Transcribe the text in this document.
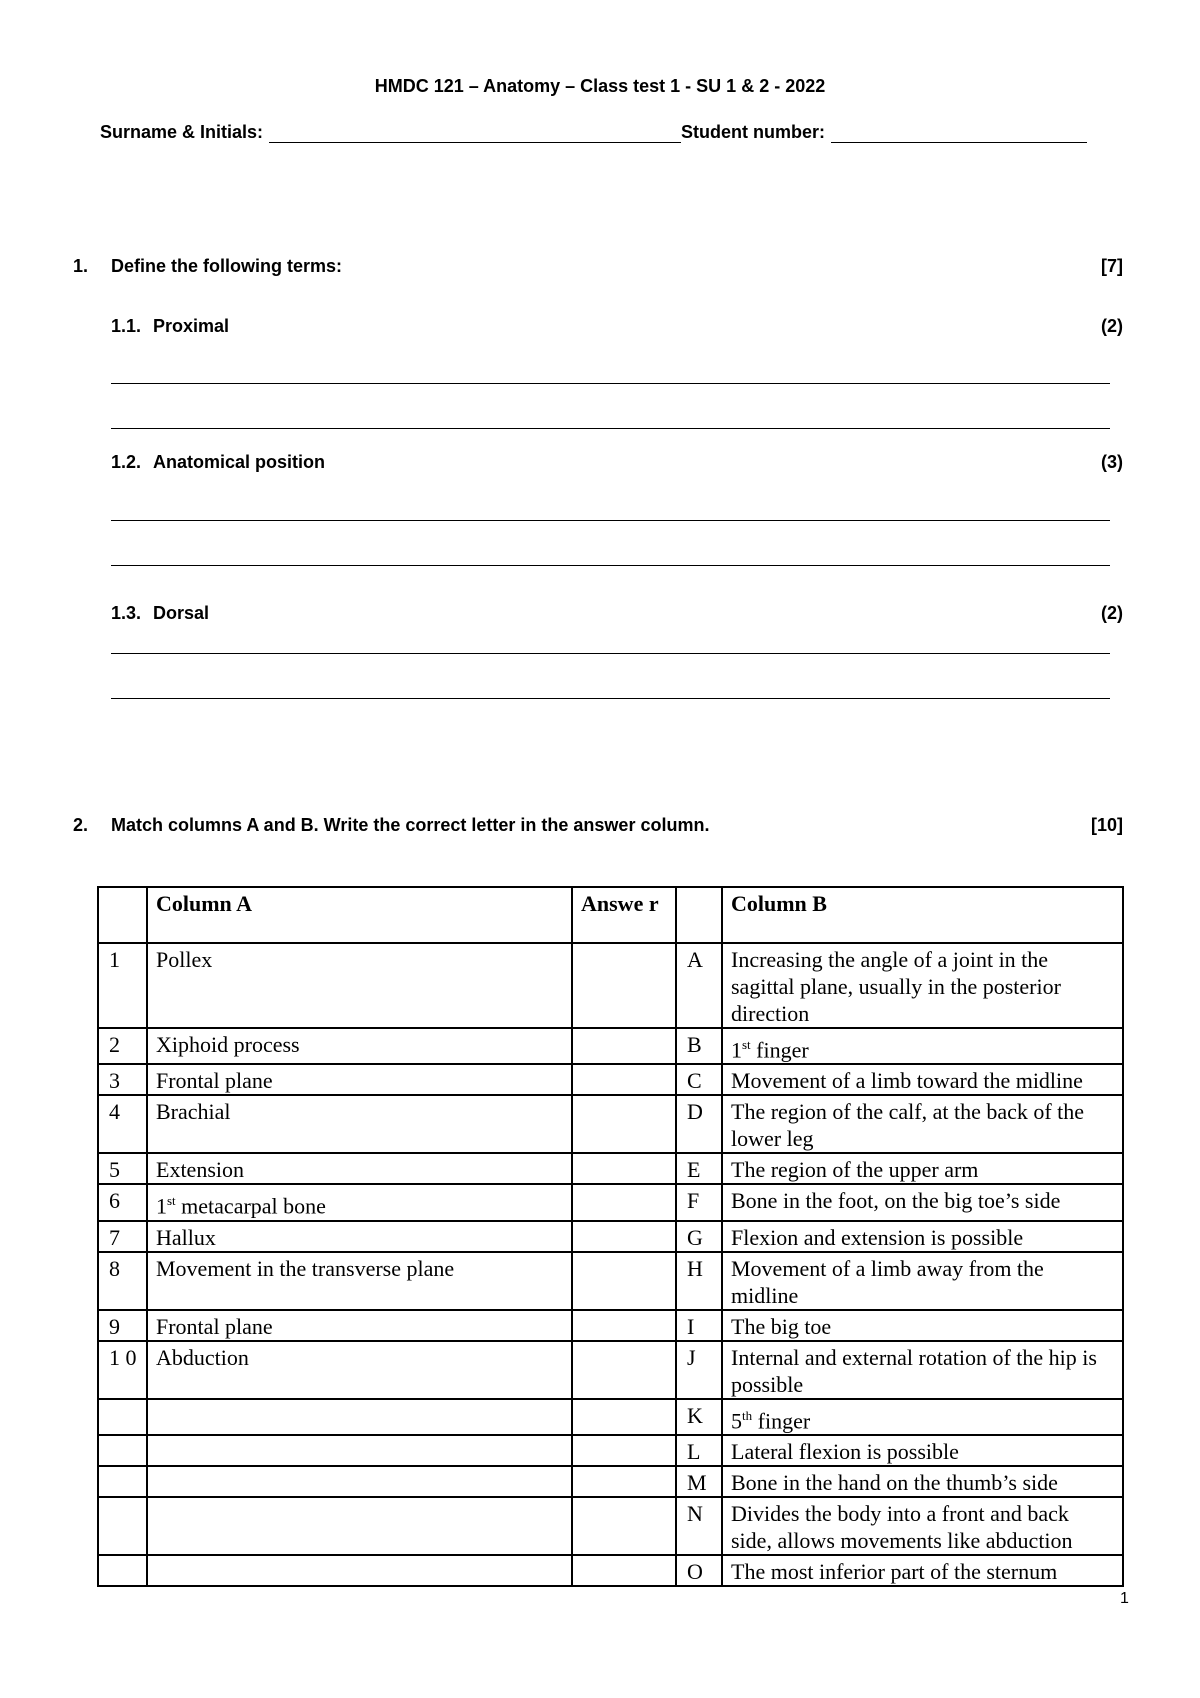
HMDC 121 – Anatomy – Class test 1 - SU 1 & 2 - 2022
Surname & Initials:	Student number:
1. Define the following terms:	[7]
1.1. Proximal	(2)
1.2. Anatomical position	(3)
1.3. Dorsal	(2)
2. Match columns A and B. Write the correct letter in the answer column.	[10]
	Column A	Answe r		Column B
1	Pollex		A	Increasing the angle of a joint in the sagittal plane, usually in the posterior direction
2	Xiphoid process		B	1st finger
3	Frontal plane		C	Movement of a limb toward the midline
4	Brachial		D	The region of the calf, at the back of the lower leg
5	Extension		E	The region of the upper arm
6	1st metacarpal bone		F	Bone in the foot, on the big toe’s side
7	Hallux		G	Flexion and extension is possible
8	Movement in the transverse plane		H	Movement of a limb away from the midline
9	Frontal plane		I	The big toe
1 0	Abduction		J	Internal and external rotation of the hip is possible
			K	5th finger
			L	Lateral flexion is possible
			M	Bone in the hand on the thumb’s side
			N	Divides the body into a front and back side, allows movements like abduction
			O	The most inferior part of the sternum
1
